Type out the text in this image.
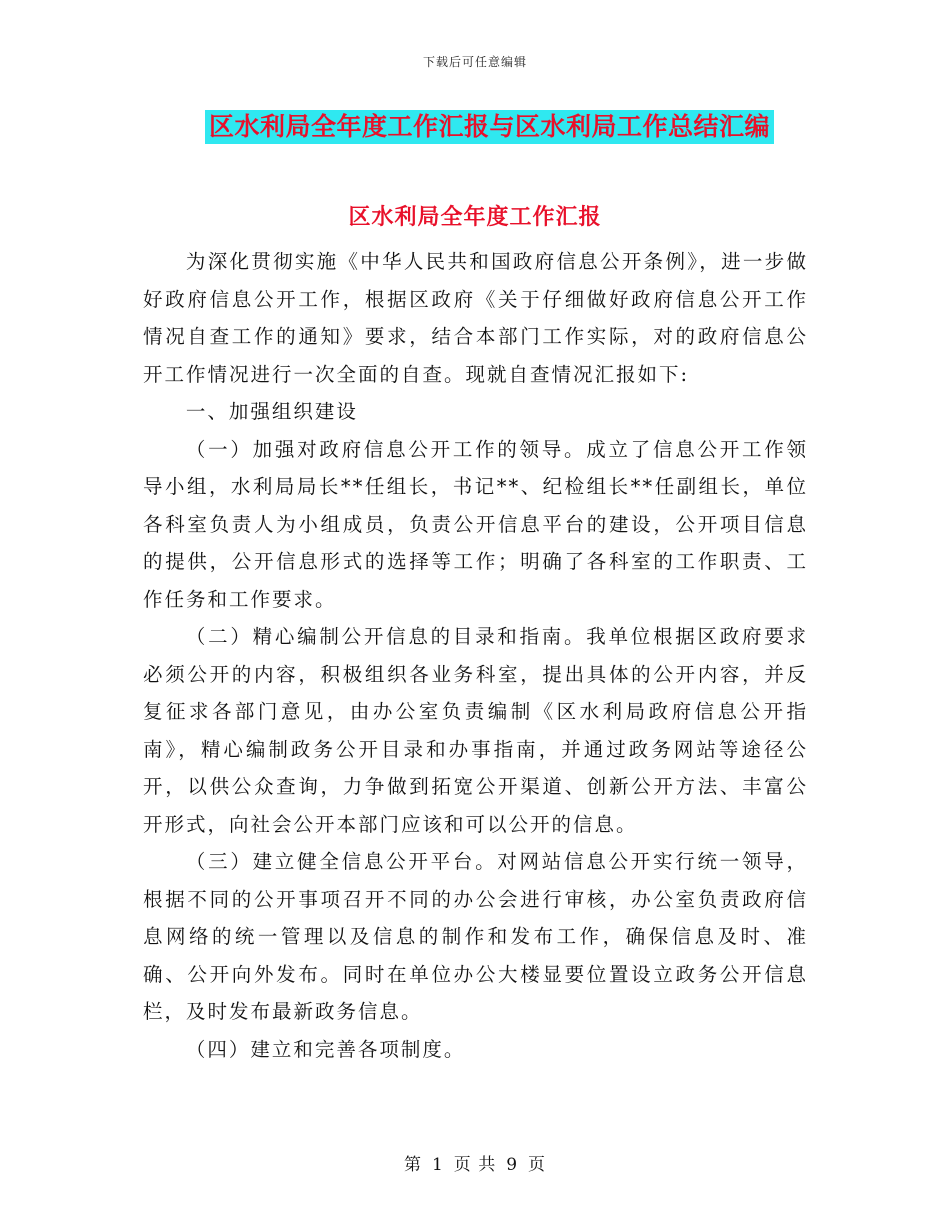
下载后可任意编辑
区水利局全年度工作汇报与区水利局工作总结汇编
区水利局全年度工作汇报

为深化贯彻实施《中华人民共和国政府信息公开条例》，进一步做好政府信息公开工作，根据区政府《关于仔细做好政府信息公开工作情况自查工作的通知》要求，结合本部门工作实际，对的政府信息公开工作情况进行一次全面的自查。现就自查情况汇报如下:

一、加强组织建设

（一）加强对政府信息公开工作的领导。成立了信息公开工作领导小组，水利局局长**任组长，书记**、纪检组长**任副组长，单位各科室负责人为小组成员，负责公开信息平台的建设，公开项目信息的提供，公开信息形式的选择等工作；明确了各科室的工作职责、工作任务和工作要求。

（二）精心编制公开信息的目录和指南。我单位根据区政府要求必须公开的内容，积极组织各业务科室，提出具体的公开内容，并反复征求各部门意见，由办公室负责编制《区水利局政府信息公开指南》，精心编制政务公开目录和办事指南，并通过政务网站等途径公开，以供公众查询，力争做到拓宽公开渠道、创新公开方法、丰富公开形式，向社会公开本部门应该和可以公开的信息。

（三）建立健全信息公开平台。对网站信息公开实行统一领导，根据不同的公开事项召开不同的办公会进行审核，办公室负责政府信息网络的统一管理以及信息的制作和发布工作，确保信息及时、准确、公开向外发布。同时在单位办公大楼显要位置设立政务公开信息栏，及时发布最新政务信息。

（四）建立和完善各项制度。

第 1 页 共 9 页
